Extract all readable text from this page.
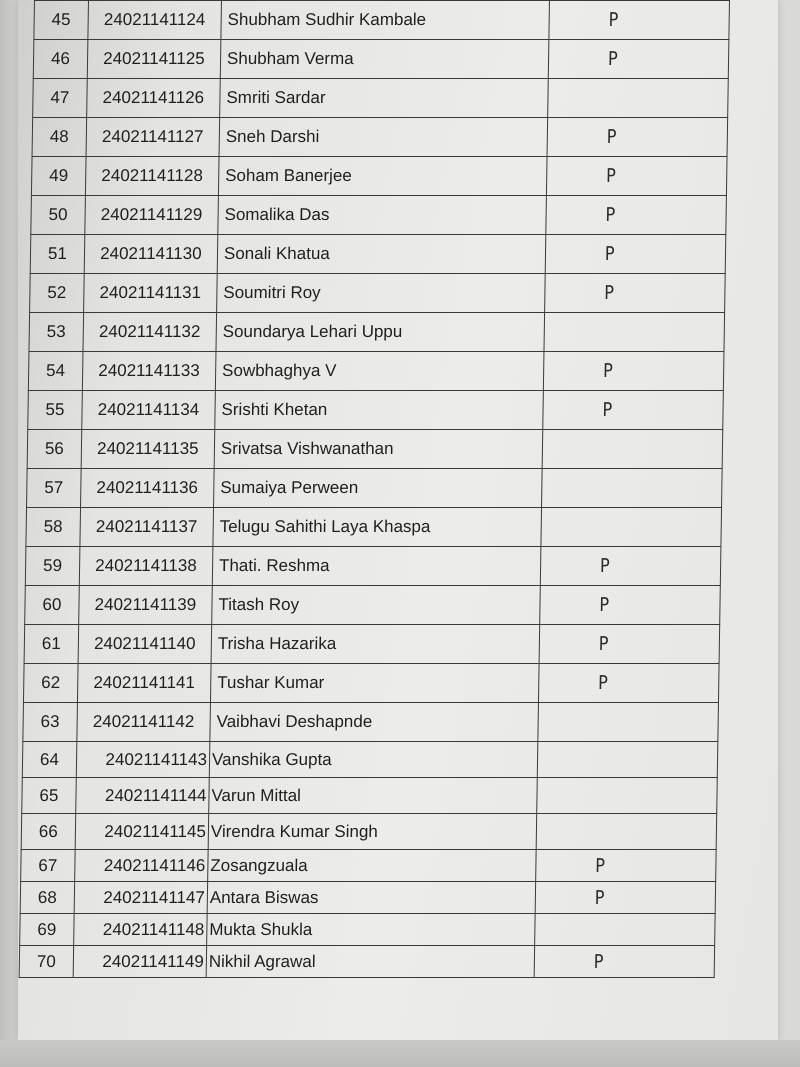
45	24021141124	Shubham Sudhir Kambale	P
46	24021141125	Shubham Verma	P
47	24021141126	Smriti Sardar	
48	24021141127	Sneh Darshi	P
49	24021141128	Soham Banerjee	P
50	24021141129	Somalika Das	P
51	24021141130	Sonali Khatua	P
52	24021141131	Soumitri Roy	P
53	24021141132	Soundarya Lehari Uppu	
54	24021141133	Sowbhaghya V	P
55	24021141134	Srishti Khetan	P
56	24021141135	Srivatsa Vishwanathan	
57	24021141136	Sumaiya Perween	
58	24021141137	Telugu Sahithi Laya Khaspa	
59	24021141138	Thati. Reshma	P
60	24021141139	Titash Roy	P
61	24021141140	Trisha Hazarika	P
62	24021141141	Tushar Kumar	P
63	24021141142	Vaibhavi Deshapnde	
64	24021141143	Vanshika Gupta	
65	24021141144	Varun Mittal	
66	24021141145	Virendra Kumar Singh	
67	24021141146	Zosangzuala	P
68	24021141147	Antara Biswas	P
69	24021141148	Mukta Shukla	
70	24021141149	Nikhil Agrawal	P
